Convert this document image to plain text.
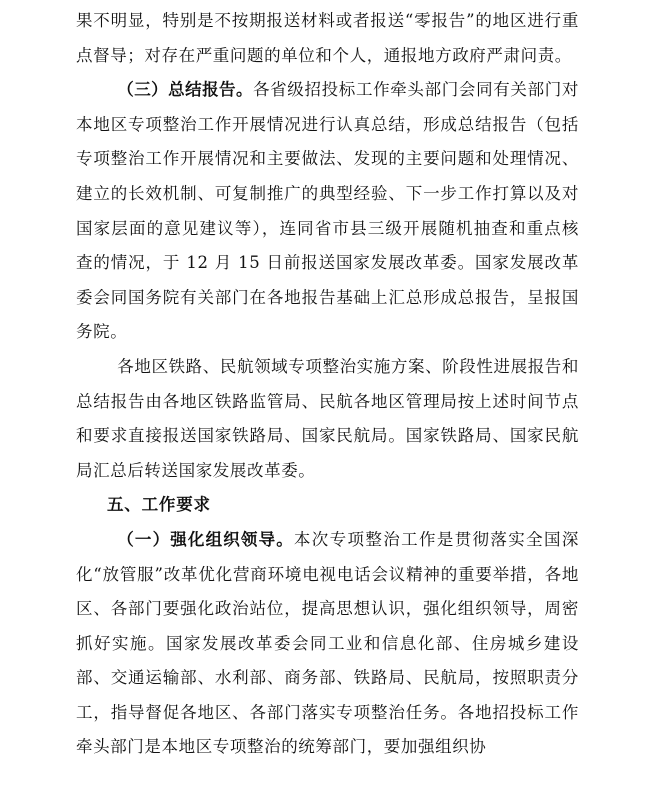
果不明显，特别是不按期报送材料或者报送“零报告”的地区进行重点督导；对存在严重问题的单位和个人，通报地方政府严肃问责。

（三）总结报告。各省级招投标工作牵头部门会同有关部门对本地区专项整治工作开展情况进行认真总结，形成总结报告（包括专项整治工作开展情况和主要做法、发现的主要问题和处理情况、建立的长效机制、可复制推广的典型经验、下一步工作打算以及对国家层面的意见建议等），连同省市县三级开展随机抽查和重点核查的情况，于 12 月 15 日前报送国家发展改革委。国家发展改革委会同国务院有关部门在各地报告基础上汇总形成总报告，呈报国务院。

各地区铁路、民航领域专项整治实施方案、阶段性进展报告和总结报告由各地区铁路监管局、民航各地区管理局按上述时间节点和要求直接报送国家铁路局、国家民航局。国家铁路局、国家民航局汇总后转送国家发展改革委。

五、工作要求

（一）强化组织领导。本次专项整治工作是贯彻落实全国深化“放管服”改革优化营商环境电视电话会议精神的重要举措，各地区、各部门要强化政治站位，提高思想认识，强化组织领导，周密抓好实施。国家发展改革委会同工业和信息化部、住房城乡建设部、交通运输部、水利部、商务部、铁路局、民航局，按照职责分工，指导督促各地区、各部门落实专项整治任务。各地招投标工作牵头部门是本地区专项整治的统筹部门，要加强组织协
